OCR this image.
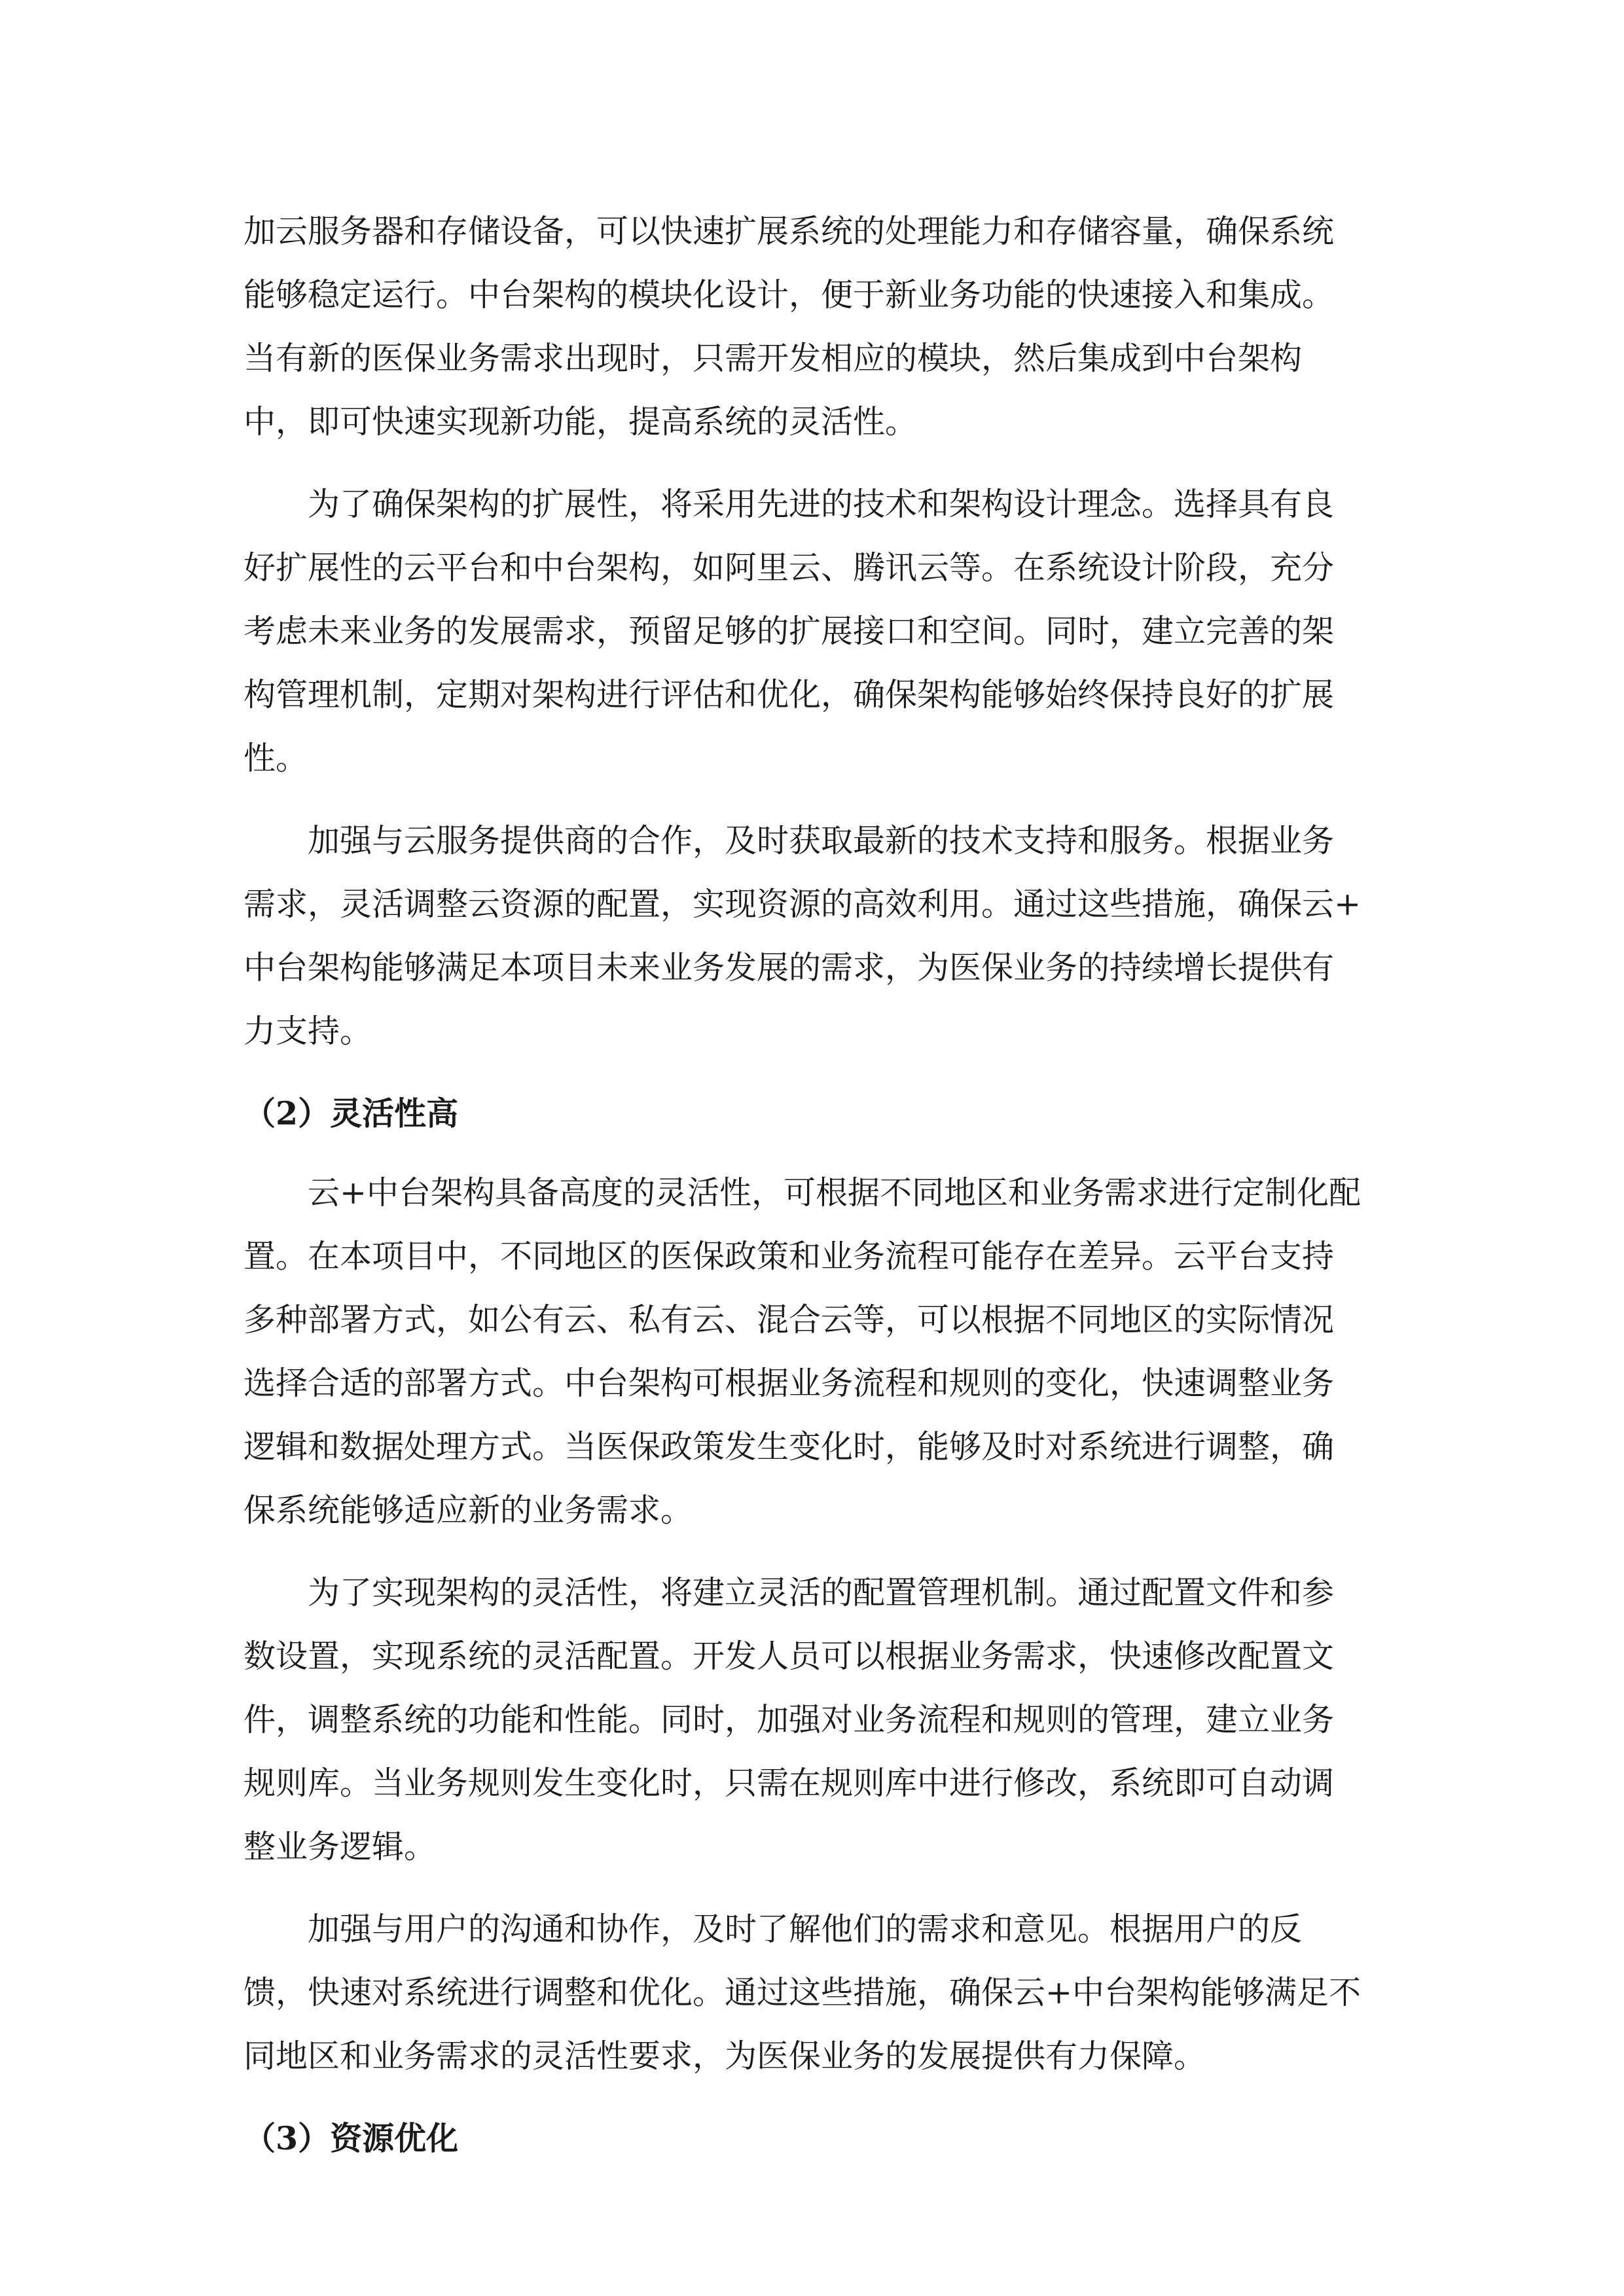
加云服务器和存储设备，可以快速扩展系统的处理能力和存储容量，确保系统
能够稳定运行。中台架构的模块化设计，便于新业务功能的快速接入和集成。
当有新的医保业务需求出现时，只需开发相应的模块，然后集成到中台架构
中，即可快速实现新功能，提高系统的灵活性。

为了确保架构的扩展性，将采用先进的技术和架构设计理念。选择具有良
好扩展性的云平台和中台架构，如阿里云、腾讯云等。在系统设计阶段，充分
考虑未来业务的发展需求，预留足够的扩展接口和空间。同时，建立完善的架
构管理机制，定期对架构进行评估和优化，确保架构能够始终保持良好的扩展
性。

加强与云服务提供商的合作，及时获取最新的技术支持和服务。根据业务
需求，灵活调整云资源的配置，实现资源的高效利用。通过这些措施，确保云+
中台架构能够满足本项目未来业务发展的需求，为医保业务的持续增长提供有
力支持。

（2）灵活性高

云+中台架构具备高度的灵活性，可根据不同地区和业务需求进行定制化配
置。在本项目中，不同地区的医保政策和业务流程可能存在差异。云平台支持
多种部署方式，如公有云、私有云、混合云等，可以根据不同地区的实际情况
选择合适的部署方式。中台架构可根据业务流程和规则的变化，快速调整业务
逻辑和数据处理方式。当医保政策发生变化时，能够及时对系统进行调整，确
保系统能够适应新的业务需求。

为了实现架构的灵活性，将建立灵活的配置管理机制。通过配置文件和参
数设置，实现系统的灵活配置。开发人员可以根据业务需求，快速修改配置文
件，调整系统的功能和性能。同时，加强对业务流程和规则的管理，建立业务
规则库。当业务规则发生变化时，只需在规则库中进行修改，系统即可自动调
整业务逻辑。

加强与用户的沟通和协作，及时了解他们的需求和意见。根据用户的反
馈，快速对系统进行调整和优化。通过这些措施，确保云+中台架构能够满足不
同地区和业务需求的灵活性要求，为医保业务的发展提供有力保障。

（3）资源优化
